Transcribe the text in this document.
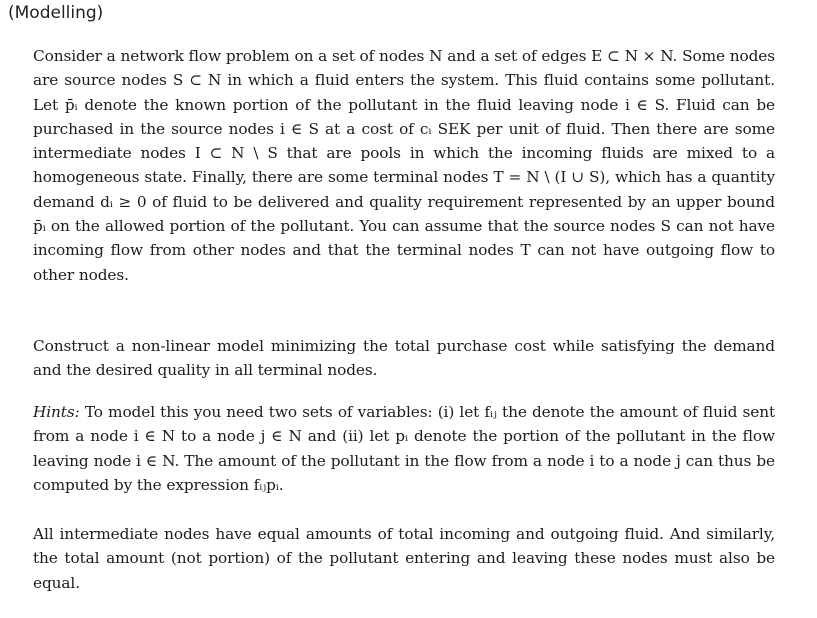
(Modelling)

Consider a network flow problem on a set of nodes N and a set of edges E ⊂ N × N. Some nodes are source nodes S ⊂ N in which a fluid enters the system. This fluid contains some pollutant. Let p̄ᵢ denote the known portion of the pollutant in the fluid leaving node i ∈ S. Fluid can be purchased in the source nodes i ∈ S at a cost of cᵢ SEK per unit of fluid. Then there are some intermediate nodes I ⊂ N \ S that are pools in which the incoming fluids are mixed to a homogeneous state. Finally, there are some terminal nodes T = N \ (I ∪ S), which has a quantity demand dᵢ ≥ 0 of fluid to be delivered and quality requirement represented by an upper bound p̄ᵢ on the allowed portion of the pollutant. You can assume that the source nodes S can not have incoming flow from other nodes and that the terminal nodes T can not have outgoing flow to other nodes.

Construct a non-linear model minimizing the total purchase cost while satisfying the demand and the desired quality in all terminal nodes.

Hints: To model this you need two sets of variables: (i) let fᵢⱼ the denote the amount of fluid sent from a node i ∈ N to a node j ∈ N and (ii) let pᵢ denote the portion of the pollutant in the flow leaving node i ∈ N. The amount of the pollutant in the flow from a node i to a node j can thus be computed by the expression fᵢⱼpᵢ.

All intermediate nodes have equal amounts of total incoming and outgoing fluid. And similarly, the total amount (not portion) of the pollutant entering and leaving these nodes must also be equal.
